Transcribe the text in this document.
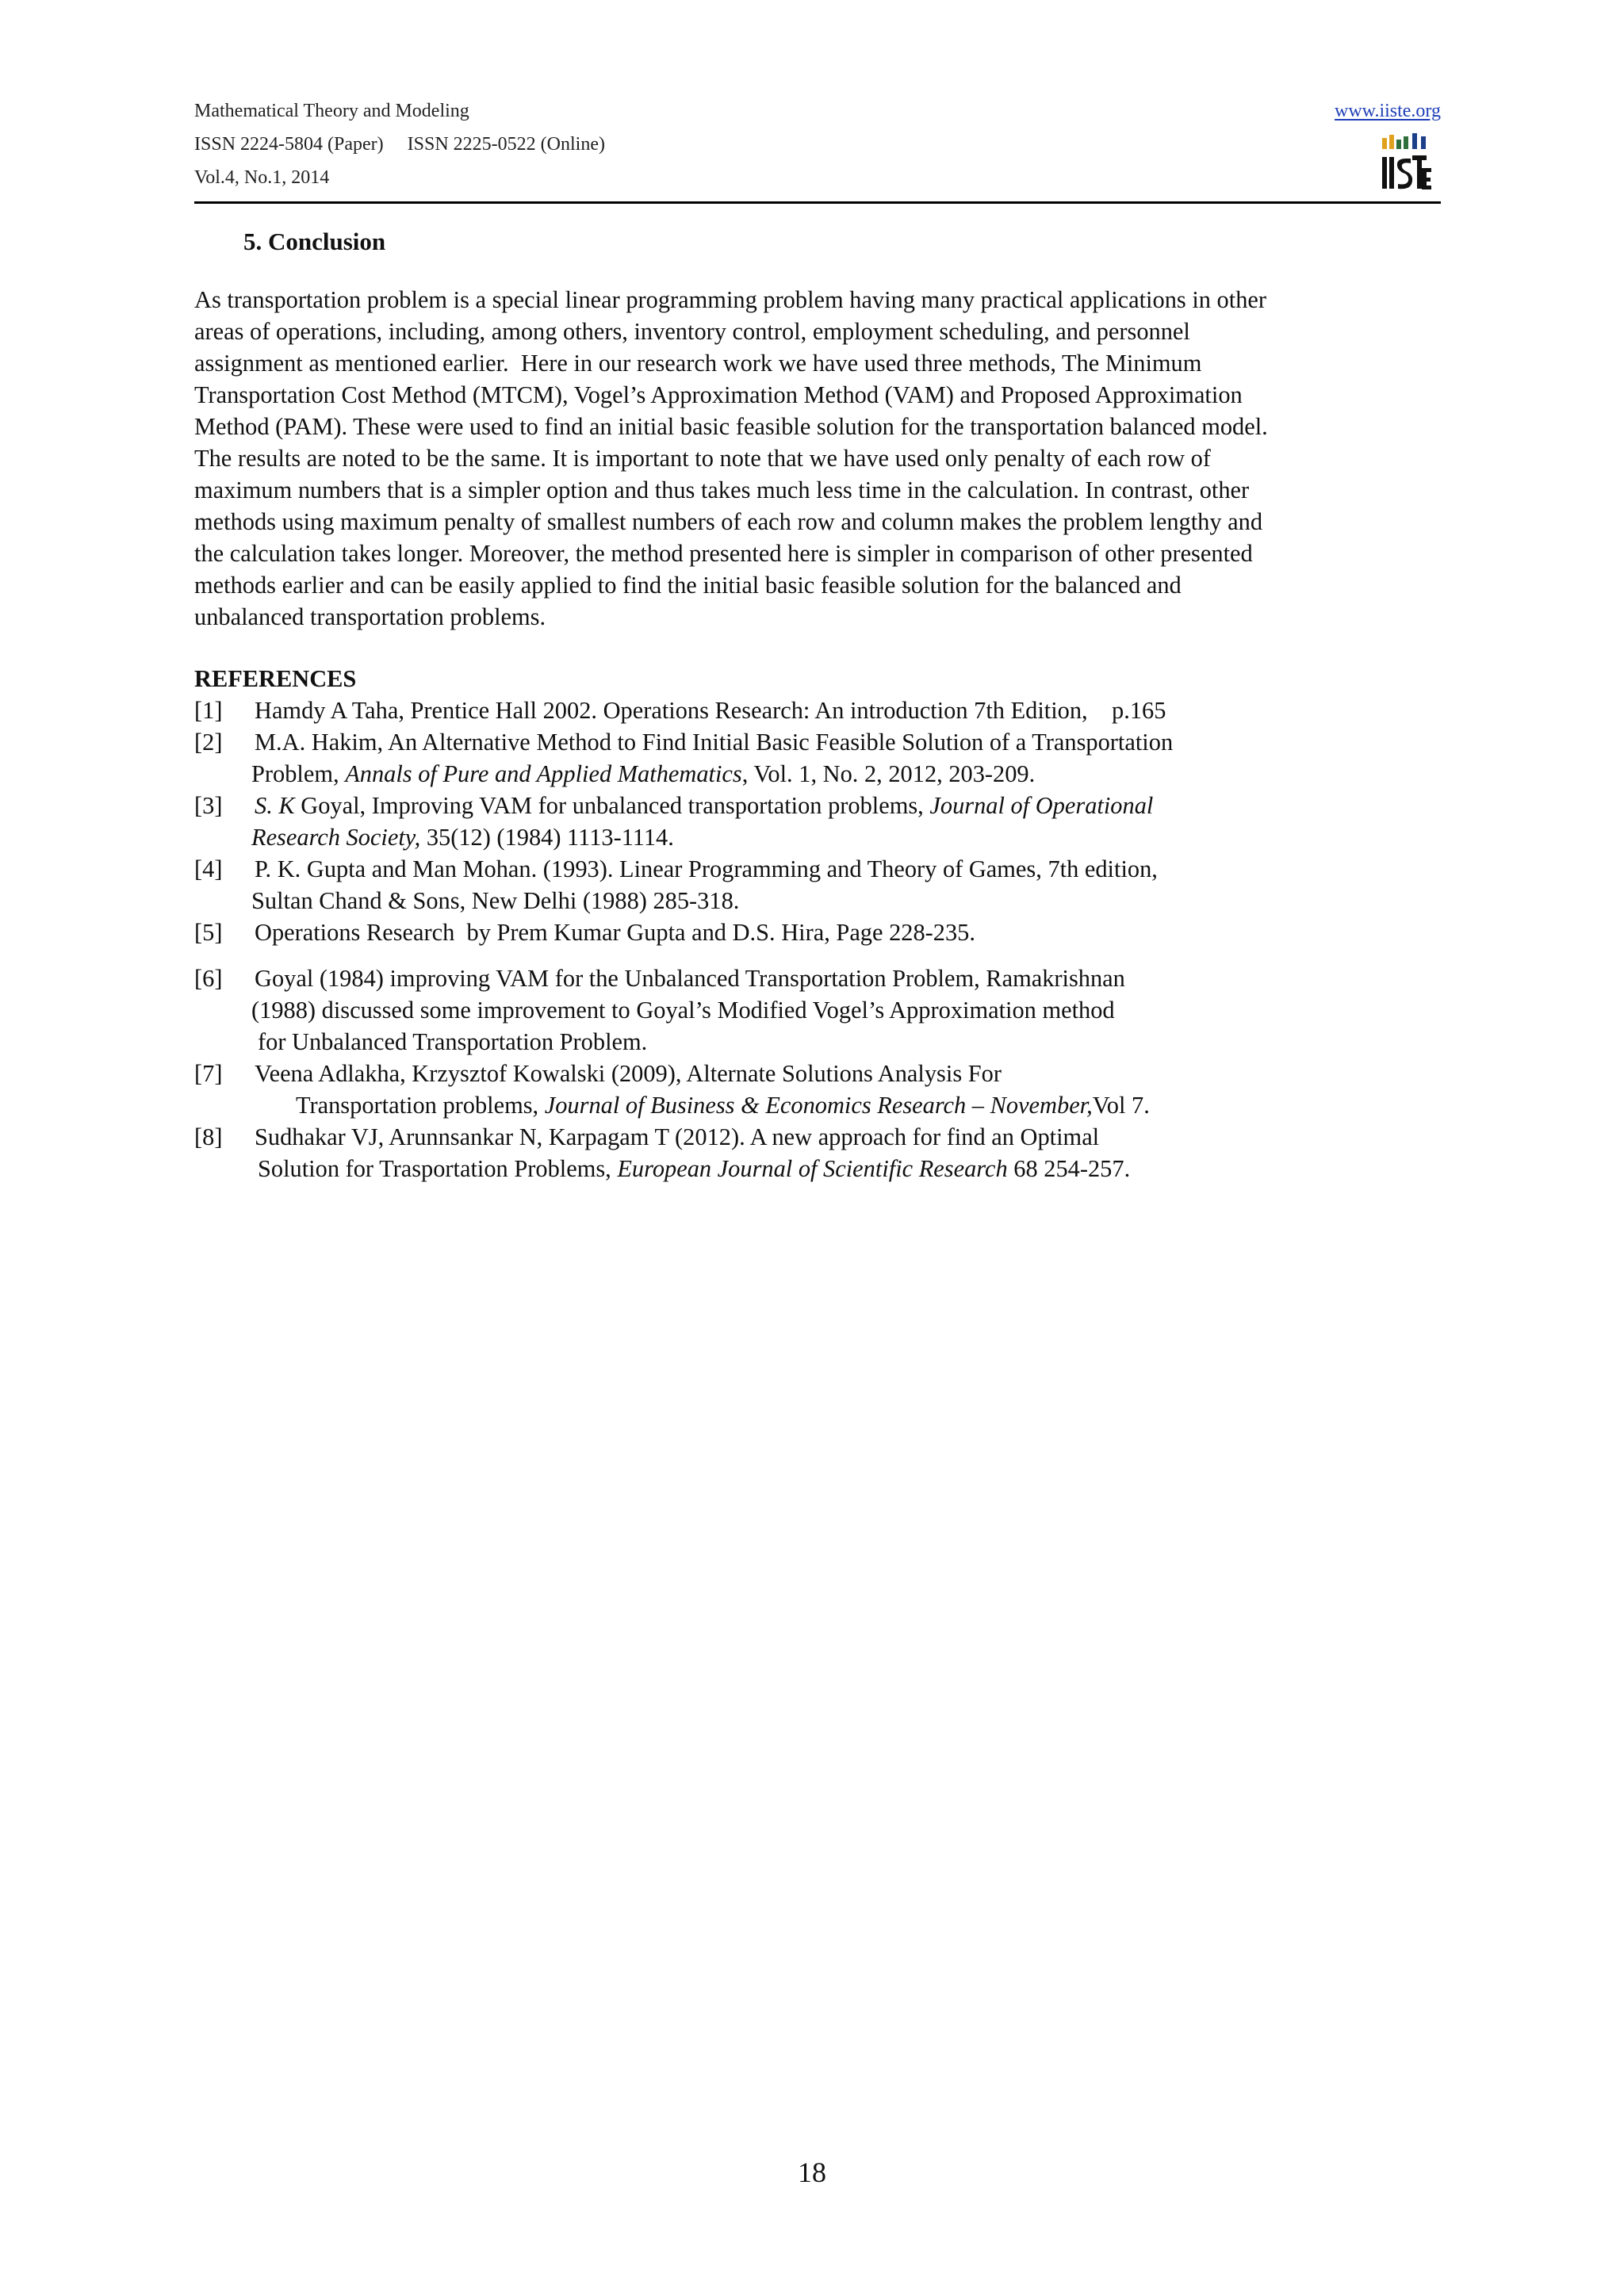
Mathematical Theory and Modeling
ISSN 2224-5804 (Paper)     ISSN 2225-0522 (Online)
Vol.4, No.1, 2014
www.iiste.org
5. Conclusion
As transportation problem is a special linear programming problem having many practical applications in other
areas of operations, including, among others, inventory control, employment scheduling, and personnel
assignment as mentioned earlier.  Here in our research work we have used three methods, The Minimum
Transportation Cost Method (MTCM), Vogel’s Approximation Method (VAM) and Proposed Approximation
Method (PAM). These were used to find an initial basic feasible solution for the transportation balanced model.
The results are noted to be the same. It is important to note that we have used only penalty of each row of
maximum numbers that is a simpler option and thus takes much less time in the calculation. In contrast, other
methods using maximum penalty of smallest numbers of each row and column makes the problem lengthy and
the calculation takes longer. Moreover, the method presented here is simpler in comparison of other presented
methods earlier and can be easily applied to find the initial basic feasible solution for the balanced and
unbalanced transportation problems.
REFERENCES
[1]	Hamdy A Taha, Prentice Hall 2002. Operations Research: An introduction 7th Edition,    p.165
[2]	M.A. Hakim, An Alternative Method to Find Initial Basic Feasible Solution of a Transportation
Problem, Annals of Pure and Applied Mathematics, Vol. 1, No. 2, 2012, 203-209.
[3]	S. K Goyal, Improving VAM for unbalanced transportation problems, Journal of Operational
Research Society, 35(12) (1984) 1113-1114.
[4]	P. K. Gupta and Man Mohan. (1993). Linear Programming and Theory of Games, 7th edition,
Sultan Chand & Sons, New Delhi (1988) 285-318.
[5]	Operations Research  by Prem Kumar Gupta and D.S. Hira, Page 228-235.
[6]	Goyal (1984) improving VAM for the Unbalanced Transportation Problem, Ramakrishnan
(1988) discussed some improvement to Goyal’s Modified Vogel’s Approximation method
for Unbalanced Transportation Problem.
[7]	Veena Adlakha, Krzysztof Kowalski (2009), Alternate Solutions Analysis For
Transportation problems, Journal of Business & Economics Research – November,Vol 7.
[8]	Sudhakar VJ, Arunnsankar N, Karpagam T (2012). A new approach for find an Optimal
Solution for Trasportation Problems, European Journal of Scientific Research 68 254-257.
18
